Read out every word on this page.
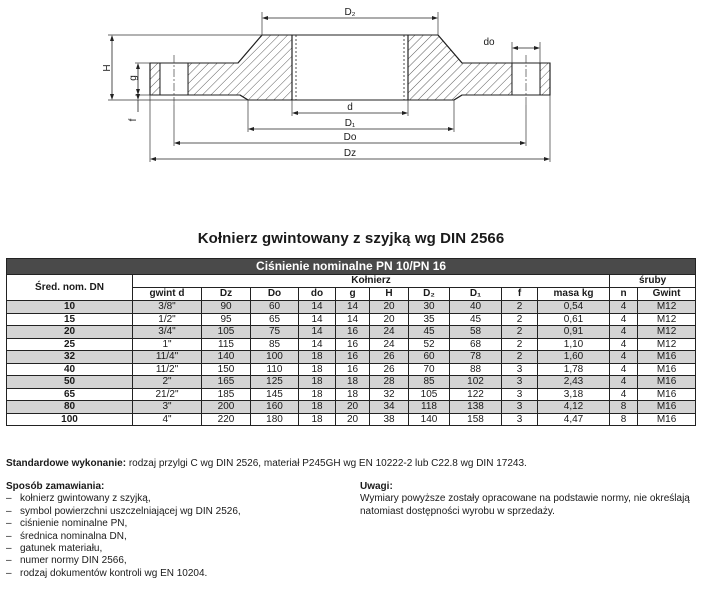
D₂
do
d
D₁
Do
Dz
H
g
f
Kołnierz gwintowany z szyjką wg DIN 2566
Ciśnienie nominalne PN 10/PN 16												
Śred. nom. DN	Kołnierz										śruby	
	gwint d	Dz	Do	do	g	H	D₂	D₁	f	masa kg	n	Gwint
10	3/8"	90	60	14	14	20	30	40	2	0,54	4	M12
15	1/2"	95	65	14	14	20	35	45	2	0,61	4	M12
20	3/4"	105	75	14	16	24	45	58	2	0,91	4	M12
25	1"	115	85	14	16	24	52	68	2	1,10	4	M12
32	11/4"	140	100	18	16	26	60	78	2	1,60	4	M16
40	11/2"	150	110	18	16	26	70	88	3	1,78	4	M16
50	2"	165	125	18	18	28	85	102	3	2,43	4	M16
65	21/2"	185	145	18	18	32	105	122	3	3,18	4	M16
80	3"	200	160	18	20	34	118	138	3	4,12	8	M16
100	4"	220	180	18	20	38	140	158	3	4,47	8	M16
Standardowe wykonanie: rodzaj przylgi C wg DIN 2526, materiał P245GH wg EN 10222-2 lub C22.8 wg DIN 17243.
Sposób zamawiania:
– kołnierz gwintowany z szyjką,
– symbol powierzchni uszczelniającej wg DIN 2526,
– ciśnienie nominalne PN,
– średnica nominalna DN,
– gatunek materiału,
– numer normy DIN 2566,
– rodzaj dokumentów kontroli wg EN 10204.
Uwagi:
Wymiary powyższe zostały opracowane na podstawie normy, nie określają natomiast dostępności wyrobu w sprzedaży.
